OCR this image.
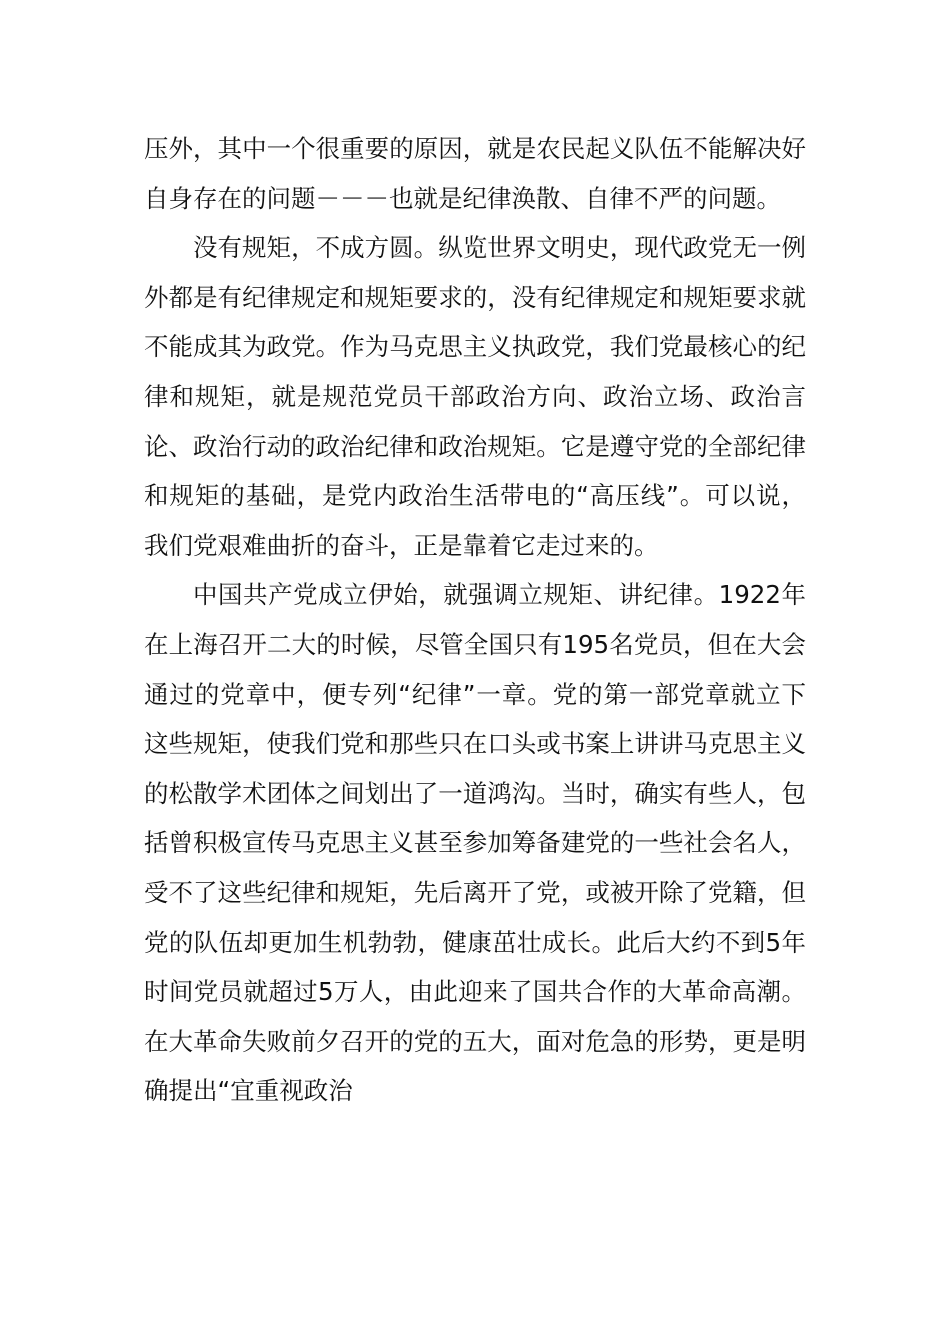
压外，其中一个很重要的原因，就是农民起义队伍不能解决好自身存在的问题－－－也就是纪律涣散、自律不严的问题。

没有规矩，不成方圆。纵览世界文明史，现代政党无一例外都是有纪律规定和规矩要求的，没有纪律规定和规矩要求就不能成其为政党。作为马克思主义执政党，我们党最核心的纪律和规矩，就是规范党员干部政治方向、政治立场、政治言论、政治行动的政治纪律和政治规矩。它是遵守党的全部纪律和规矩的基础，是党内政治生活带电的“高压线”。可以说，我们党艰难曲折的奋斗，正是靠着它走过来的。

中国共产党成立伊始，就强调立规矩、讲纪律。1922年在上海召开二大的时候，尽管全国只有195名党员，但在大会通过的党章中，便专列“纪律”一章。党的第一部党章就立下这些规矩，使我们党和那些只在口头或书案上讲讲马克思主义的松散学术团体之间划出了一道鸿沟。当时，确实有些人，包括曾积极宣传马克思主义甚至参加筹备建党的一些社会名人，受不了这些纪律和规矩，先后离开了党，或被开除了党籍，但党的队伍却更加生机勃勃，健康茁壮成长。此后大约不到5年时间党员就超过5万人，由此迎来了国共合作的大革命高潮。在大革命失败前夕召开的党的五大，面对危急的形势，更是明确提出“宜重视政治
